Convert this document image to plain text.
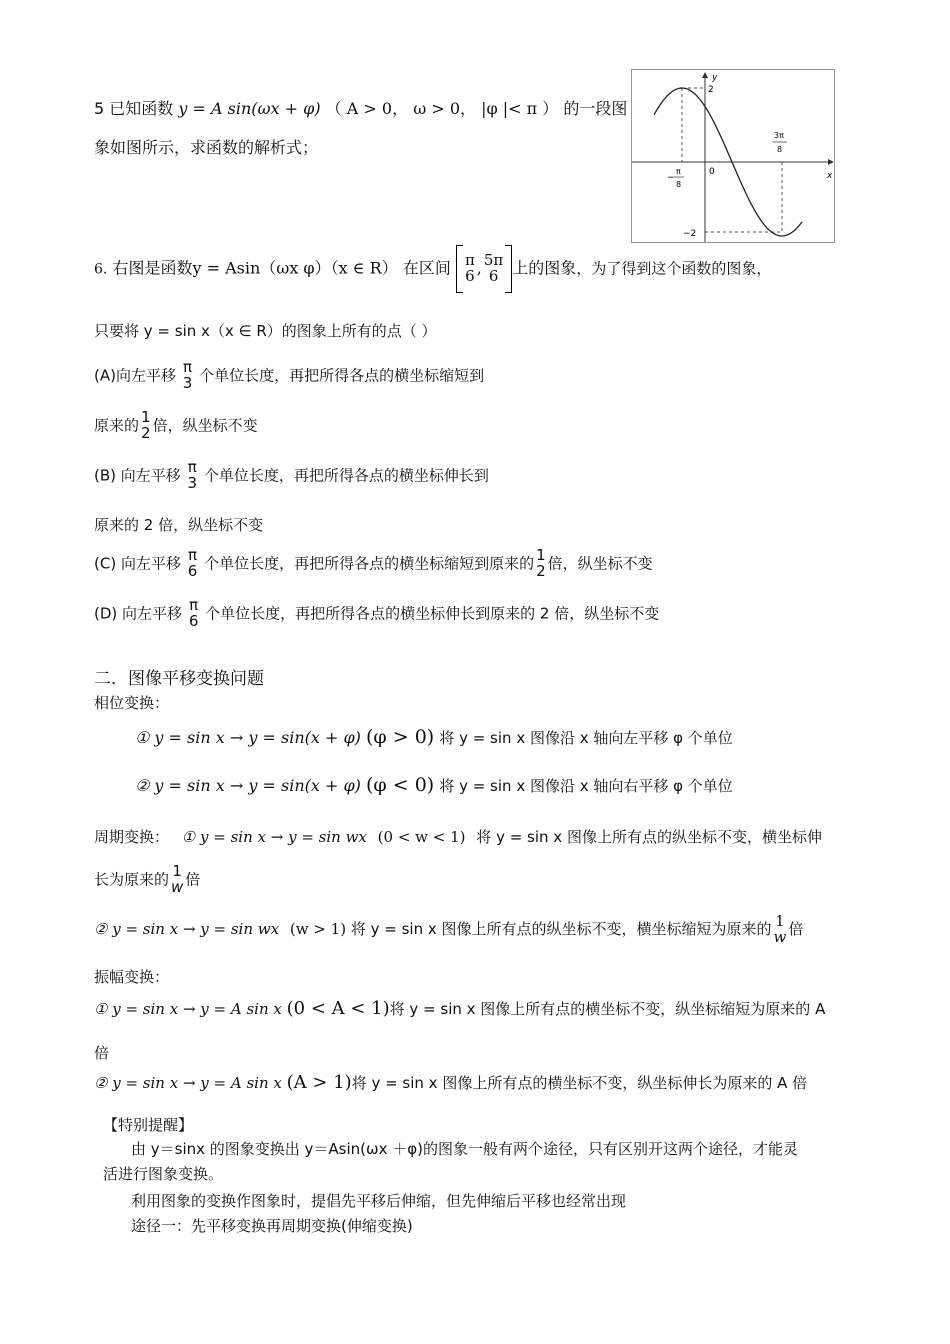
5 已知函数 y = A sin(ωx + φ) （ A > 0， ω > 0， |φ |< π ） 的一段图
象如图所示，求函数的解析式；
y
x
0
2
−2
−
π
8
3π
8
6. 右图是函数y = Asin（ωx φ）（x ∈ R） 在区间 π
6 , 5π
6 上的图象，为了得到这个函数的图象，
只要将 y = sin x（x ∈ R）的图象上所有的点（ ）
(A)向左平移 π
3 个单位长度，再把所得各点的横坐标缩短到
原来的 1
2 倍，纵坐标不变
(B) 向左平移 π
3 个单位长度，再把所得各点的横坐标伸长到
原来的 2 倍，纵坐标不变
(C) 向左平移 π
6 个单位长度，再把所得各点的横坐标缩短到原来的 1
2 倍，纵坐标不变
(D) 向左平移 π
6 个单位长度，再把所得各点的横坐标伸长到原来的 2 倍，纵坐标不变
二．图像平移变换问题
相位变换：
① y = sin x → y = sin(x + φ) (φ > 0) 将 y = sin x 图像沿 x 轴向左平移 φ 个单位
② y = sin x → y = sin(x + φ) (φ < 0) 将 y = sin x 图像沿 x 轴向右平移 φ 个单位
周期变换： ① y = sin x → y = sin wx (0 < w < 1) 将 y = sin x 图像上所有点的纵坐标不变，横坐标伸
长为原来的 1
w 倍
② y = sin x → y = sin wx (w > 1) 将 y = sin x 图像上所有点的纵坐标不变，横坐标缩短为原来的 1
w 倍
振幅变换：
① y = sin x → y = A sin x (0 < A < 1)将 y = sin x 图像上所有点的横坐标不变，纵坐标缩短为原来的 A
倍
② y = sin x → y = A sin x (A > 1)将 y = sin x 图像上所有点的横坐标不变，纵坐标伸长为原来的 A 倍
【特别提醒】
由 y＝sinx 的图象变换出 y＝Asin(ωx ＋φ)的图象一般有两个途径，只有区别开这两个途径，才能灵
活进行图象变换。
利用图象的变换作图象时，提倡先平移后伸缩，但先伸缩后平移也经常出现
途径一：先平移变换再周期变换(伸缩变换)
